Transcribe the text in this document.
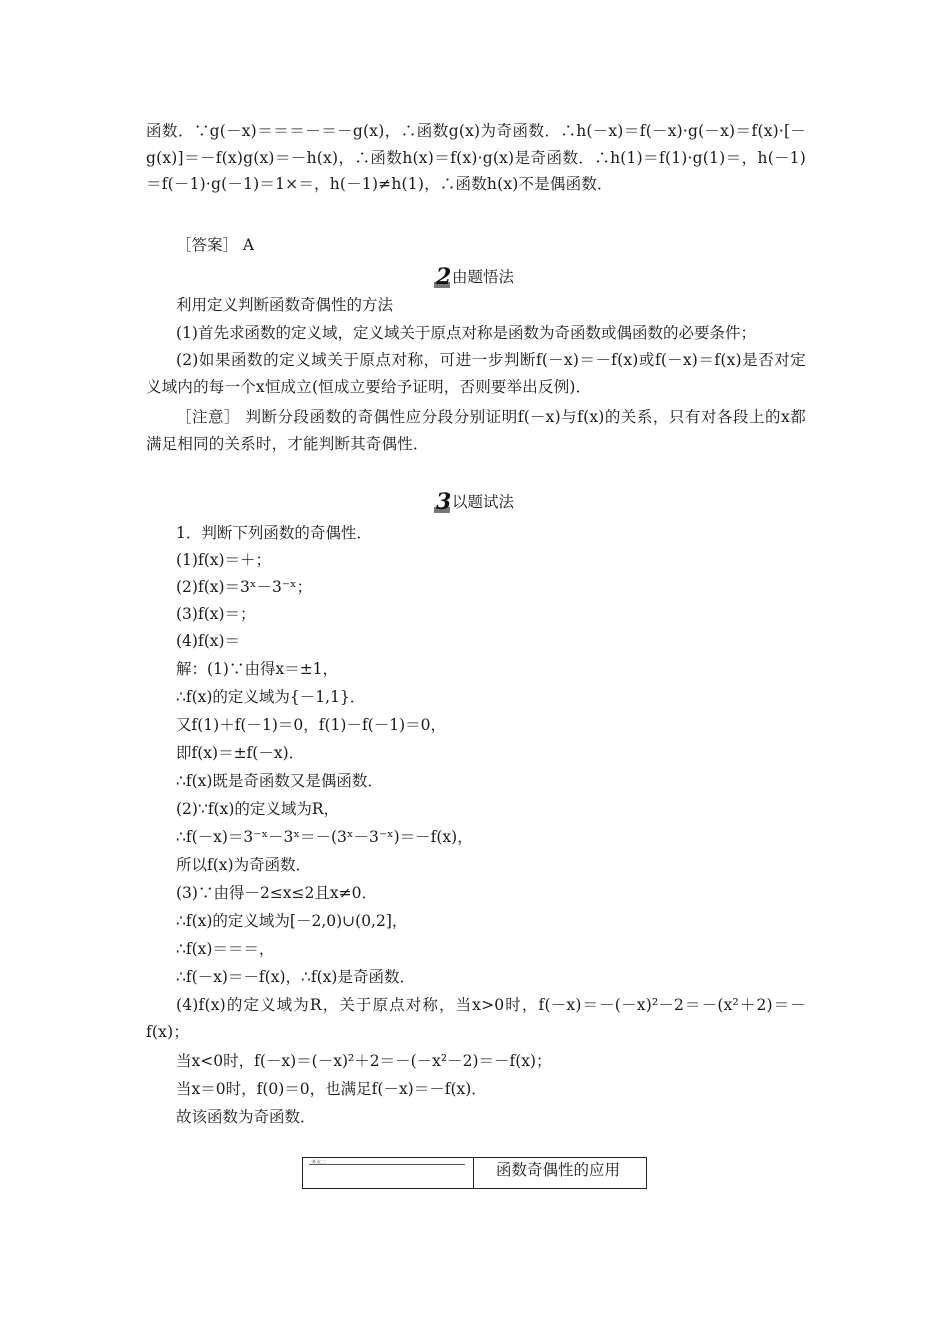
函数．∵g(－x)＝＝＝－＝－g(x)，∴函数g(x)为奇函数．∴h(－x)＝f(－x)·g(－x)＝f(x)·[－g(x)]＝－f(x)g(x)＝－h(x)，∴函数h(x)＝f(x)·g(x)是奇函数．∴h(1)＝f(1)·g(1)＝，h(－1)＝f(－1)·g(－1)＝1×＝，h(－1)≠h(1)，∴函数h(x)不是偶函数．

［答案］ A
2由题悟法
利用定义判断函数奇偶性的方法
(1)首先求函数的定义域，定义域关于原点对称是函数为奇函数或偶函数的必要条件；

(2)如果函数的定义域关于原点对称，可进一步判断f(－x)＝－f(x)或f(－x)＝f(x)是否对定义域内的每一个x恒成立(恒成立要给予证明，否则要举出反例)．

［注意］ 判断分段函数的奇偶性应分段分别证明f(－x)与f(x)的关系，只有对各段上的x都满足相同的关系时，才能判断其奇偶性．

3以题试法
1．判断下列函数的奇偶性．
(1)f(x)＝＋；
(2)f(x)＝3ˣ－3⁻ˣ；
(3)f(x)＝；
(4)f(x)＝
解：(1)∵由得x＝±1，
∴f(x)的定义域为{－1,1}．
又f(1)＋f(－1)＝0，f(1)－f(－1)＝0，
即f(x)＝±f(－x)．
∴f(x)既是奇函数又是偶函数．
(2)∵f(x)的定义域为R，
∴f(－x)＝3⁻ˣ－3ˣ＝－(3ˣ－3⁻ˣ)＝－f(x)，
所以f(x)为奇函数．
(3)∵由得－2≤x≤2且x≠0．
∴f(x)的定义域为[－2,0)∪(0,2]，
∴f(x)＝＝＝，
∴f(－x)＝－f(x)，∴f(x)是奇函数．

(4)f(x)的定义域为R，关于原点对称，当x>0时，f(－x)＝－(－x)²－2＝－(x²＋2)＝－f(x)；

当x<0时，f(－x)＝(－x)²＋2＝－(－x²－2)＝－f(x)；
当x＝0时，f(0)＝0，也满足f(－x)＝－f(x)．
故该函数为奇函数．
考点二	函数奇偶性的应用
